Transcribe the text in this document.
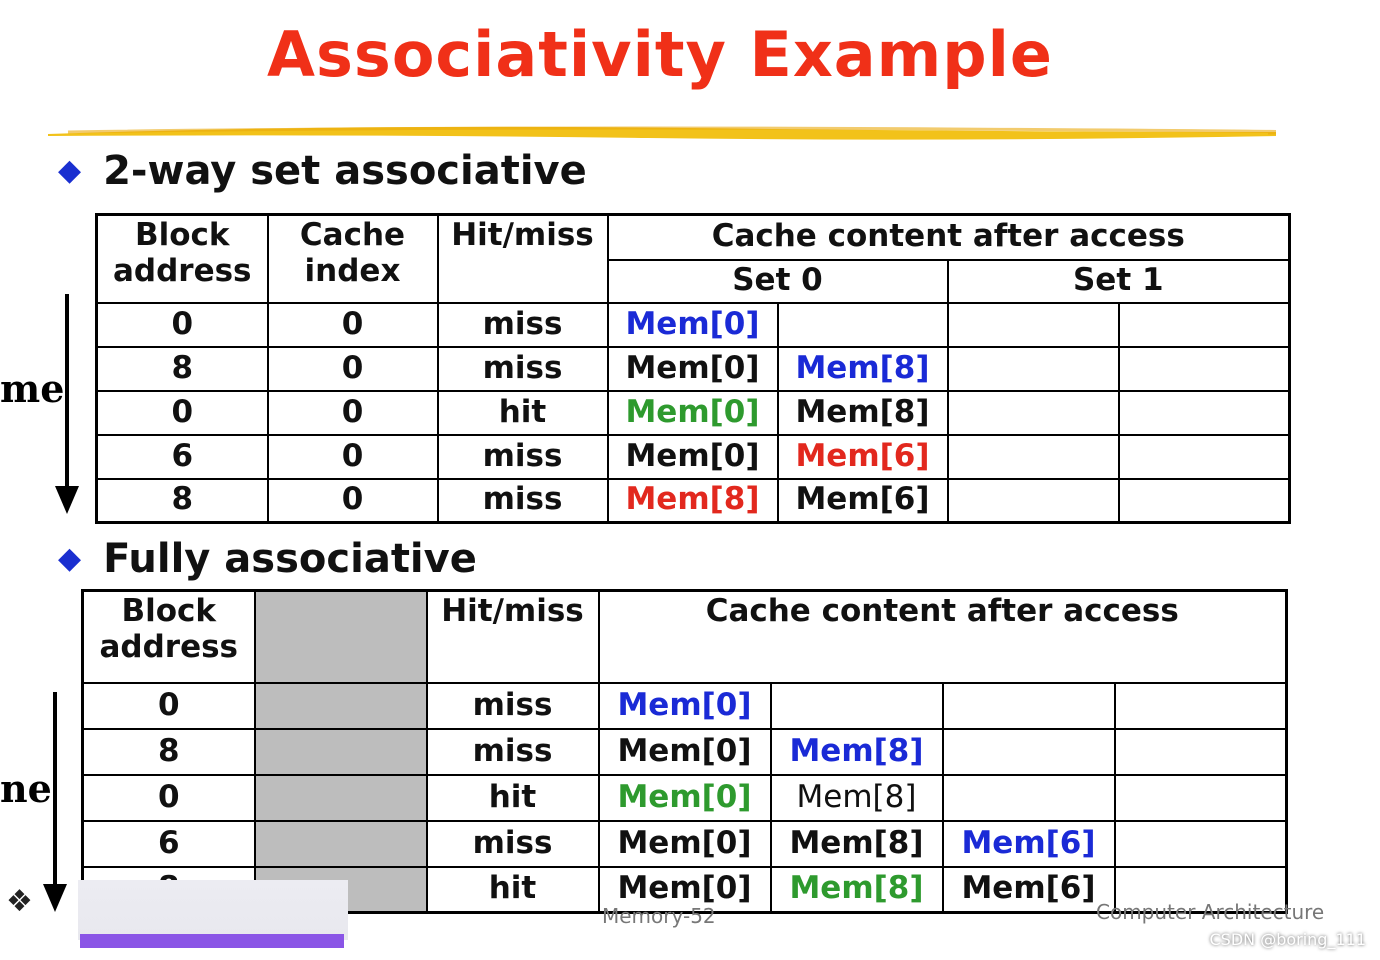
Associativity Example
◆ 2-way set associative
me
Block address	Cache index	Hit/miss	Cache content after access			
			Set 0		Set 1	
0	0	miss	Mem[0]			
8	0	miss	Mem[0]	Mem[8]		
0	0	hit	Mem[0]	Mem[8]		
6	0	miss	Mem[0]	Mem[6]		
8	0	miss	Mem[8]	Mem[6]		
◆ Fully associative
ne
Block address		Hit/miss	Cache content after access			
0		miss	Mem[0]			
8		miss	Mem[0]	Mem[8]		
0		hit	Mem[0]	Mem[8]		
6		miss	Mem[0]	Mem[8]	Mem[6]	
		hit	Mem[0]	Mem[8]	Mem[6]	
❖	Memory-52	Computer Architecture
CSDN @boring_111
